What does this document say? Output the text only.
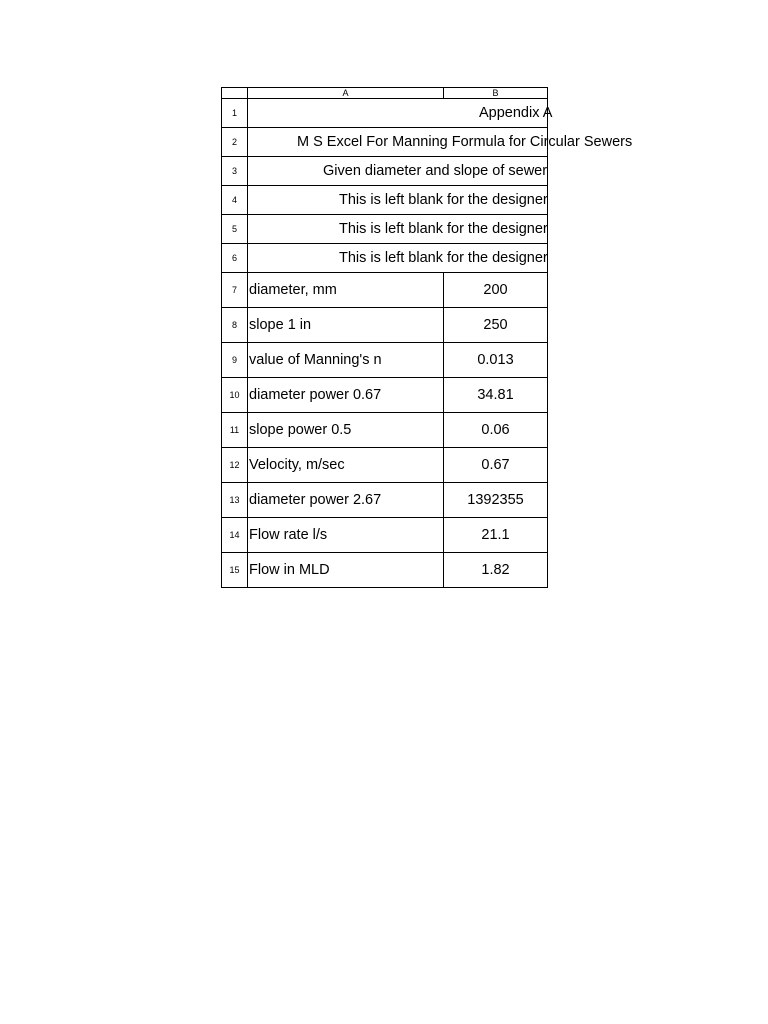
	A	B
1	Appendix A	

2	M S Excel For Manning Formula for Circular Sewers	

3	Given diameter and slope of sewer	

4	This is left blank for the designer	

5	This is left blank for the designer	

6	This is left blank for the designer	

7	diameter, mm	200
8	slope 1 in	250
9	value of Manning's n	0.013
10	diameter power 0.67	34.81
11	slope power 0.5	0.06
12	Velocity, m/sec	0.67
13	diameter power 2.67	1392355
14	Flow rate l/s	21.1
15	Flow in MLD	1.82
